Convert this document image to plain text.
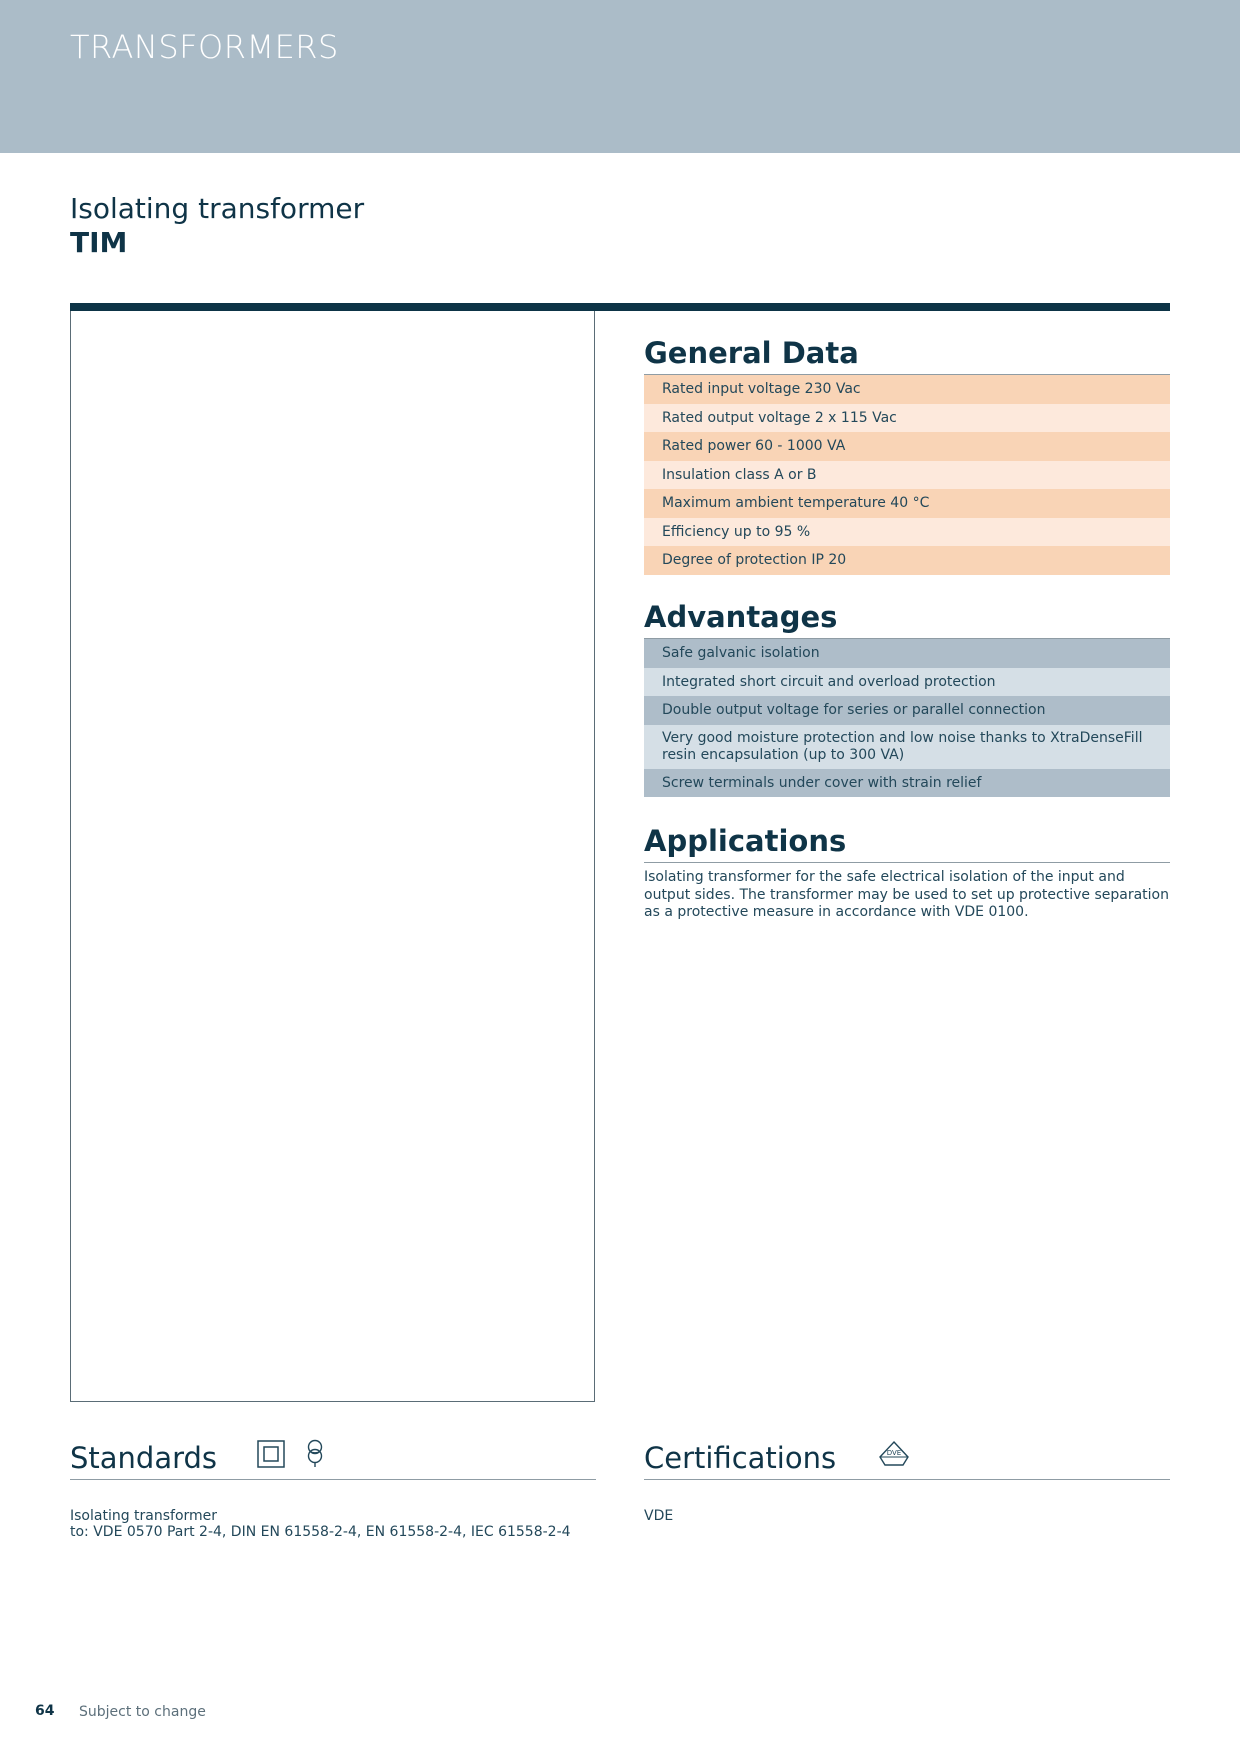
TRANSFORMERS
Isolating transformer
TIM
General Data
Rated input voltage 230 Vac
Rated output voltage 2 x 115 Vac
Rated power 60 - 1000 VA
Insulation class A or B
Maximum ambient temperature 40 °C
Efficiency up to 95 %
Degree of protection IP 20
Advantages
Safe galvanic isolation
Integrated short circuit and overload protection
Double output voltage for series or parallel connection
Very good moisture protection and low noise thanks to XtraDenseFill resin encapsulation (up to 300 VA)
Screw terminals under cover with strain relief
Applications
Isolating transformer for the safe electrical isolation of the input and output sides. The transformer may be used to set up protective separation as a protective measure in accordance with VDE 0100.
Standards
Isolating transformer
to: VDE 0570 Part 2-4, DIN EN 61558-2-4, EN 61558-2-4, IEC 61558-2-4
Certifications	DVE
VDE
64 Subject to change
